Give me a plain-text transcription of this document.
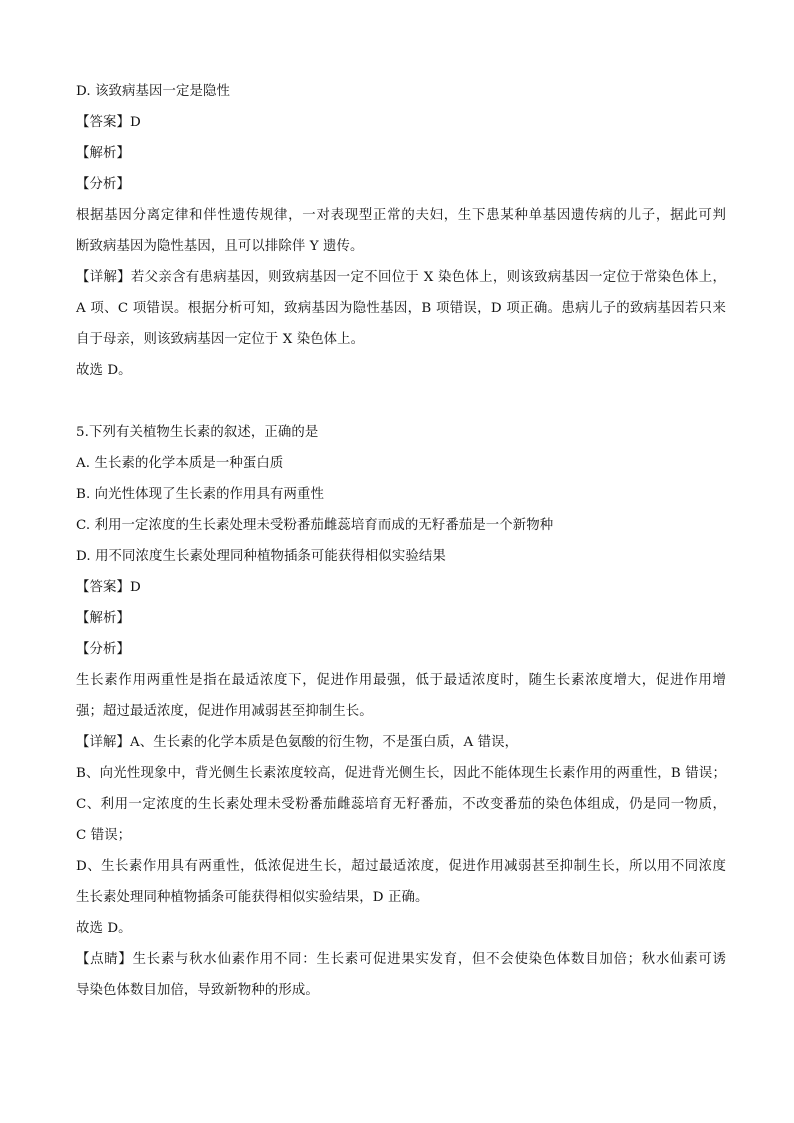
D. 该致病基因一定是隐性
【答案】D
【解析】
【分析】
根据基因分离定律和伴性遗传规律，一对表现型正常的夫妇，生下患某种单基因遗传病的儿子，据此可判
断致病基因为隐性基因，且可以排除伴 Y 遗传。
【详解】若父亲含有患病基因，则致病基因一定不回位于 X 染色体上，则该致病基因一定位于常染色体上，
A 项、C 项错误。根据分析可知，致病基因为隐性基因，B 项错误，D 项正确。患病儿子的致病基因若只来
自于母亲，则该致病基因一定位于 X 染色体上。
故选 D。
5.下列有关植物生长素的叙述，正确的是
A. 生长素的化学本质是一种蛋白质
B. 向光性体现了生长素的作用具有两重性
C. 利用一定浓度的生长素处理未受粉番茄雌蕊培育而成的无籽番茄是一个新物种
D. 用不同浓度生长素处理同种植物插条可能获得相似实验结果
【答案】D
【解析】
【分析】
生长素作用两重性是指在最适浓度下，促进作用最强，低于最适浓度时，随生长素浓度增大，促进作用增
强；超过最适浓度，促进作用减弱甚至抑制生长。
【详解】A、生长素的化学本质是色氨酸的衍生物，不是蛋白质，A 错误，
B、向光性现象中，背光侧生长素浓度较高，促进背光侧生长，因此不能体现生长素作用的两重性，B 错误；
C、利用一定浓度的生长素处理未受粉番茄雌蕊培育无籽番茄，不改变番茄的染色体组成，仍是同一物质，
C 错误；
D、生长素作用具有两重性，低浓促进生长，超过最适浓度，促进作用减弱甚至抑制生长，所以用不同浓度
生长素处理同种植物插条可能获得相似实验结果，D 正确。
故选 D。
【点睛】生长素与秋水仙素作用不同：生长素可促进果实发育，但不会使染色体数目加倍；秋水仙素可诱
导染色体数目加倍，导致新物种的形成。
